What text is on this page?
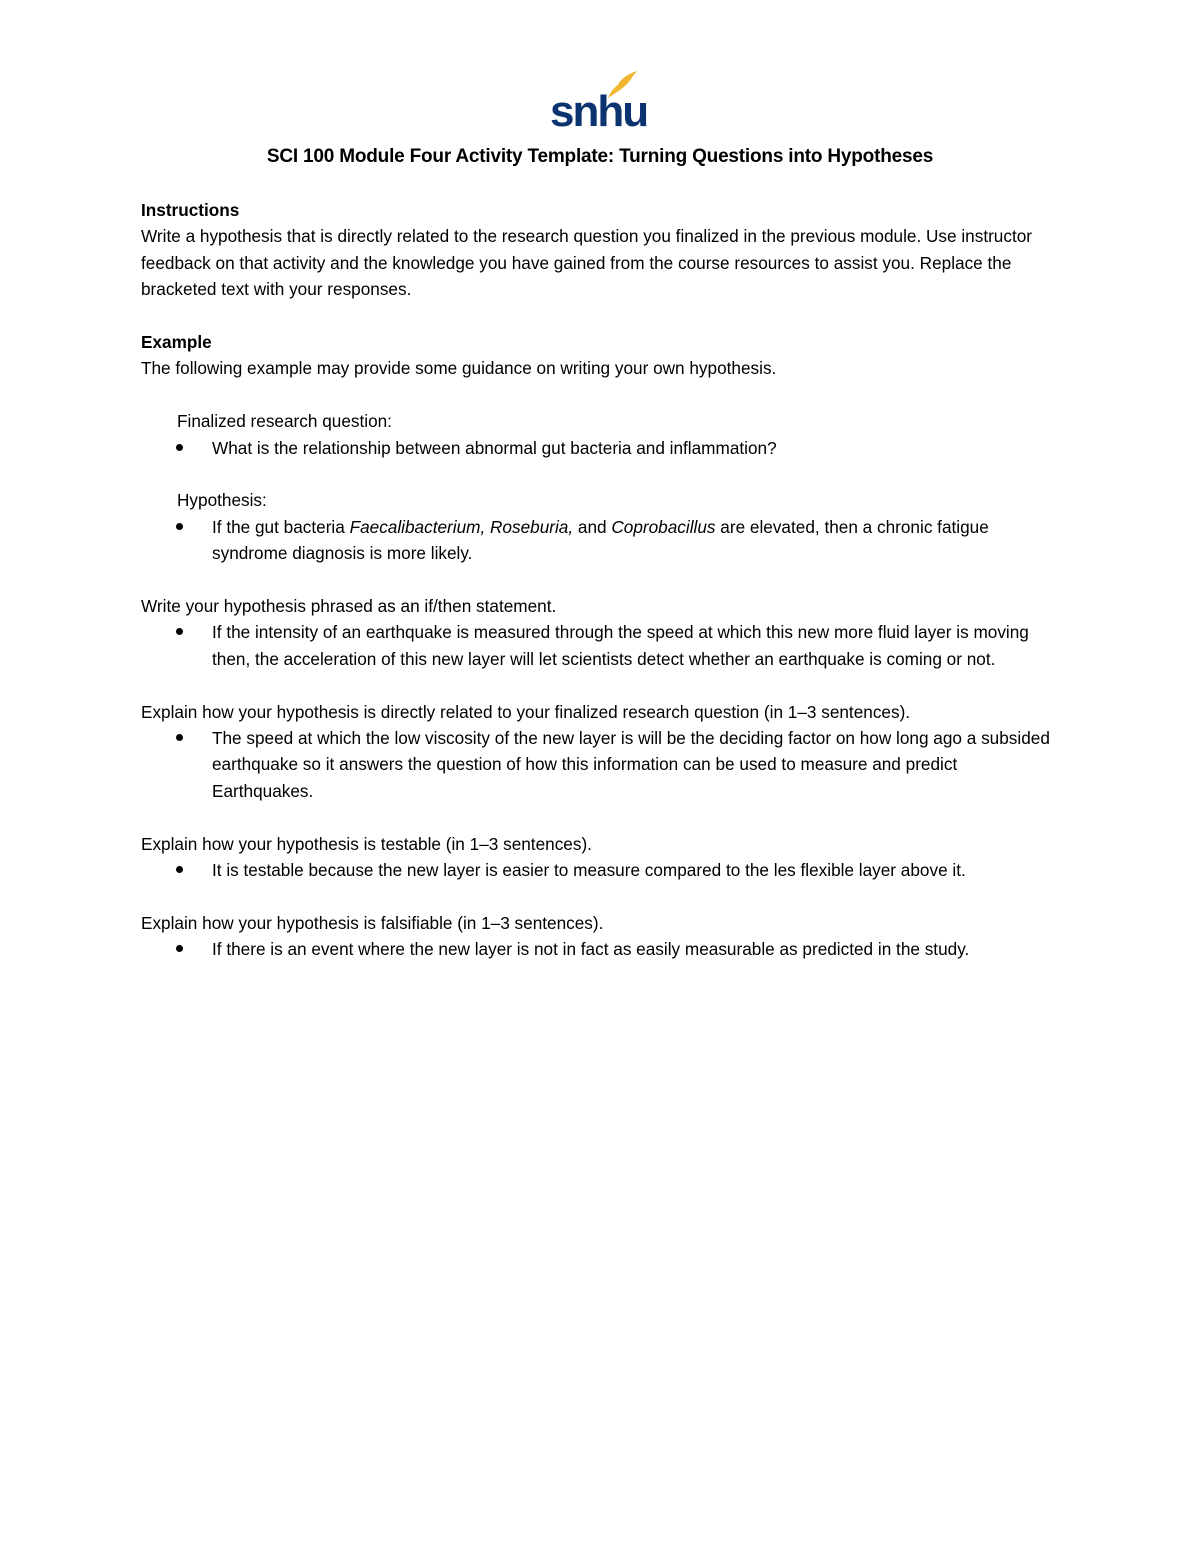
snhu
SCI 100 Module Four Activity Template: Turning Questions into Hypotheses

Instructions

Write a hypothesis that is directly related to the research question you finalized in the previous module. Use instructor feedback on that activity and the knowledge you have gained from the course resources to assist you. Replace the bracketed text with your responses.

Example

The following example may provide some guidance on writing your own hypothesis.

Finalized research question:

What is the relationship between abnormal gut bacteria and inflammation?

Hypothesis:

If the gut bacteria Faecalibacterium, Roseburia, and Coprobacillus are elevated, then a chronic fatigue syndrome diagnosis is more likely.

Write your hypothesis phrased as an if/then statement.

If the intensity of an earthquake is measured through the speed at which this new more fluid layer is moving then, the acceleration of this new layer will let scientists detect whether an earthquake is coming or not.

Explain how your hypothesis is directly related to your finalized research question (in 1–3 sentences).

The speed at which the low viscosity of the new layer is will be the deciding factor on how long ago a subsided earthquake so it answers the question of how this information can be used to measure and predict Earthquakes.

Explain how your hypothesis is testable (in 1–3 sentences).

It is testable because the new layer is easier to measure compared to the les flexible layer above it.

Explain how your hypothesis is falsifiable (in 1–3 sentences).

If there is an event where the new layer is not in fact as easily measurable as predicted in the study.
